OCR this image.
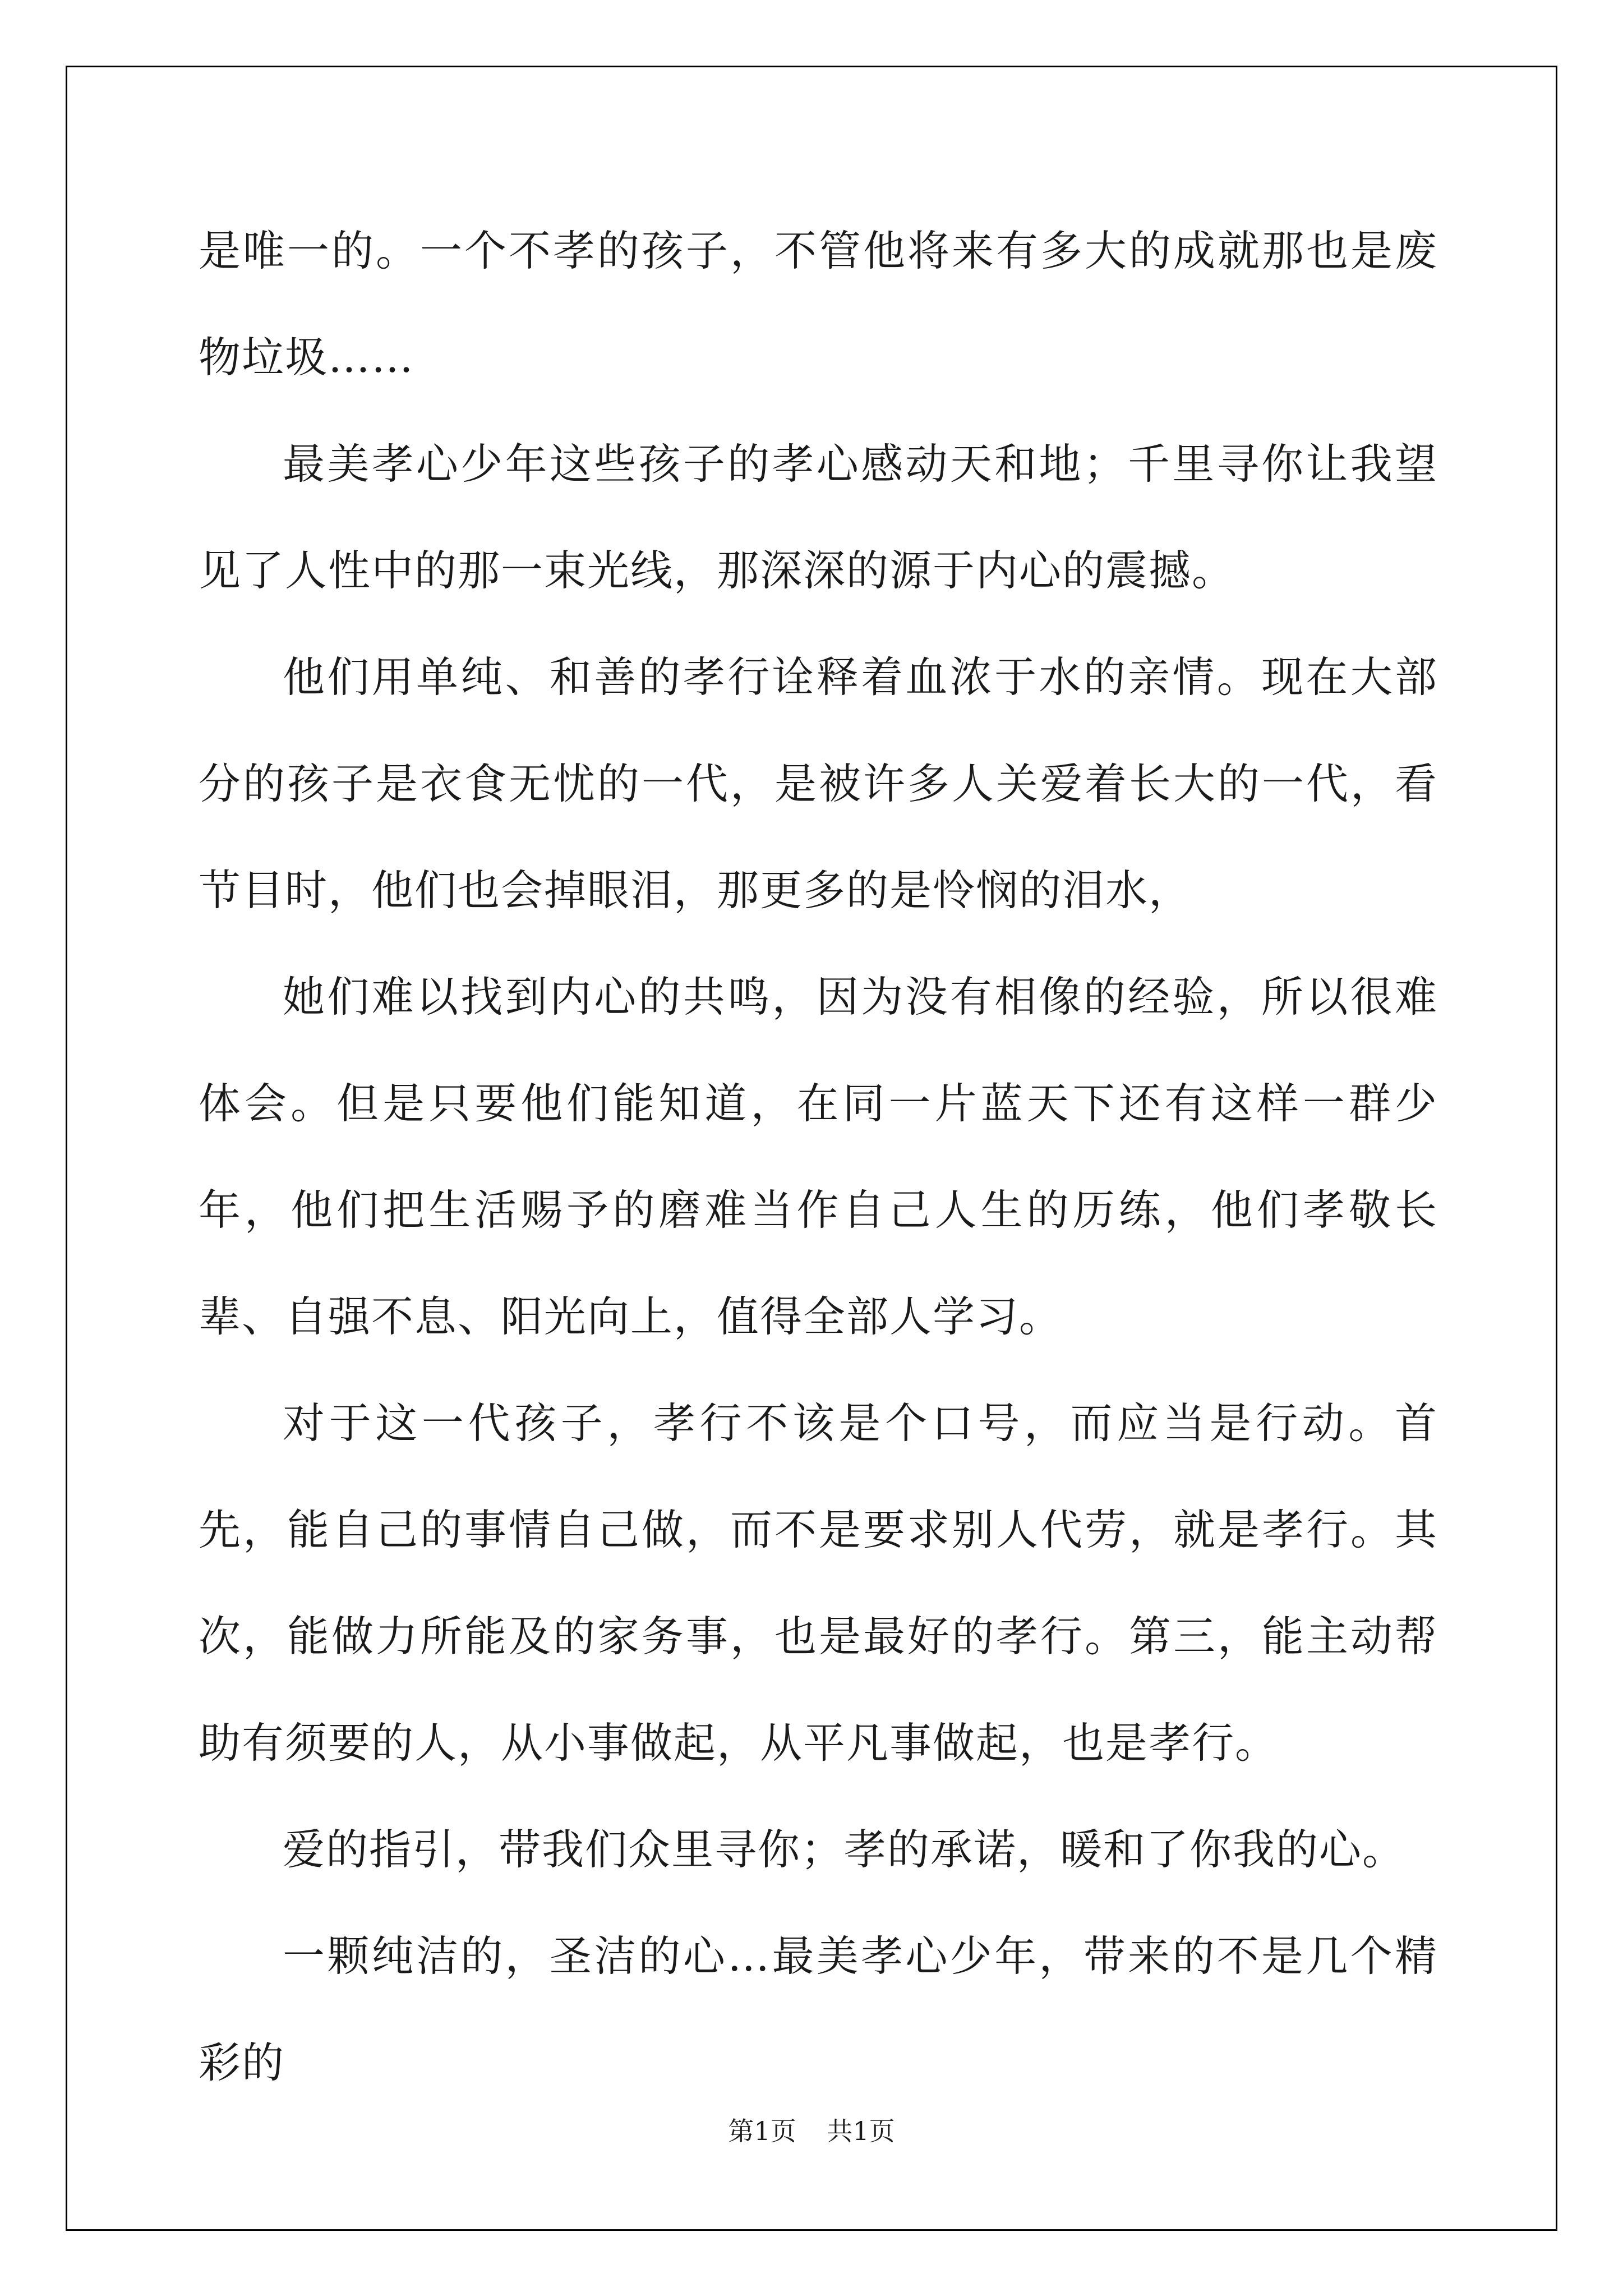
是唯一的。一个不孝的孩子，不管他将来有多大的成就那也是废物垃圾……

最美孝心少年这些孩子的孝心感动天和地；千里寻你让我望见了人性中的那一束光线，那深深的源于内心的震撼。

他们用单纯、和善的孝行诠释着血浓于水的亲情。现在大部分的孩子是衣食无忧的一代，是被许多人关爱着长大的一代，看节目时，他们也会掉眼泪，那更多的是怜悯的泪水，

她们难以找到内心的共鸣，因为没有相像的经验，所以很难体会。但是只要他们能知道，在同一片蓝天下还有这样一群少年，他们把生活赐予的磨难当作自己人生的历练，他们孝敬长辈、自强不息、阳光向上，值得全部人学习。

对于这一代孩子，孝行不该是个口号，而应当是行动。首先，能自己的事情自己做，而不是要求别人代劳，就是孝行。其次，能做力所能及的家务事，也是最好的孝行。第三，能主动帮助有须要的人，从小事做起，从平凡事做起，也是孝行。

爱的指引，带我们众里寻你；孝的承诺，暖和了你我的心。

一颗纯洁的，圣洁的心…最美孝心少年，带来的不是几个精彩的

第1页 共1页
